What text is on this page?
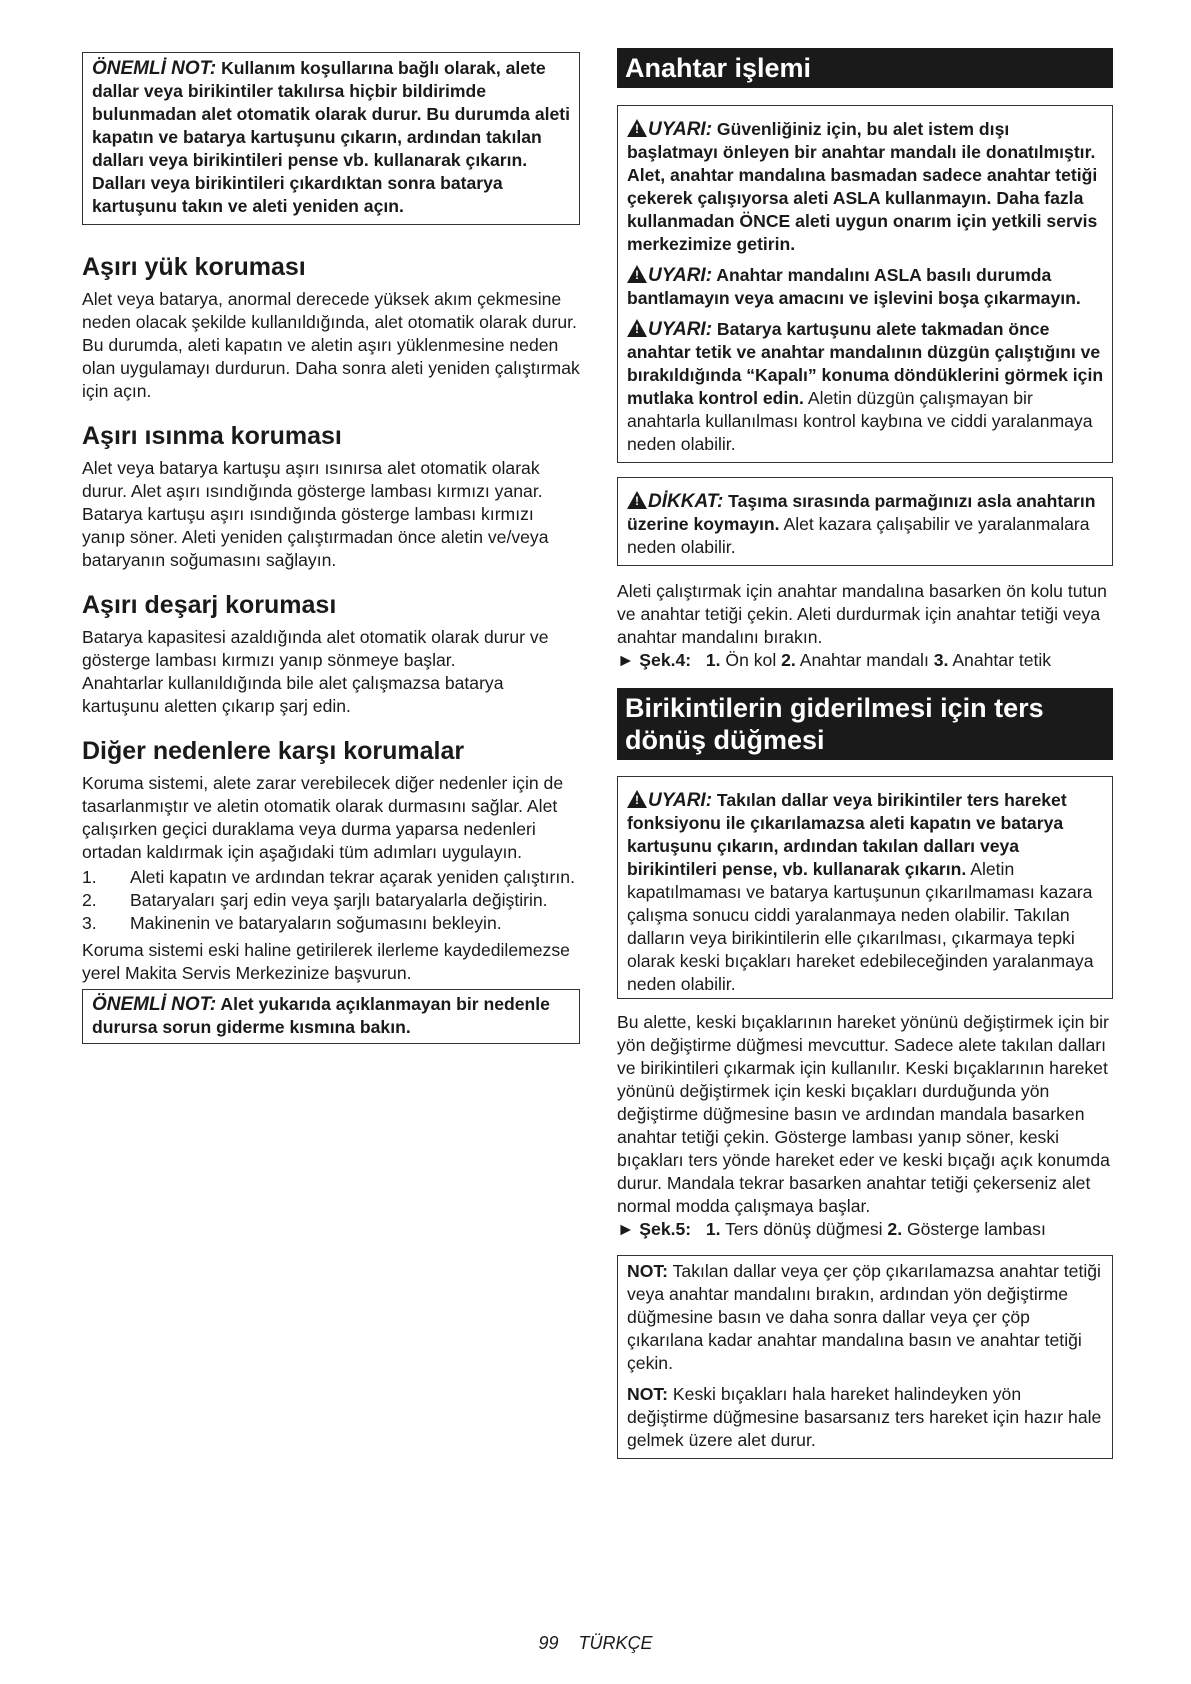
ÖNEMLİ NOT: Kullanım koşullarına bağlı olarak, alete dallar veya birikintiler takılırsa hiçbir bildirimde bulunmadan alet otomatik olarak durur. Bu durumda aleti kapatın ve batarya kartuşunu çıkarın, ardından takılan dalları veya birikintileri pense vb. kullanarak çıkarın. Dalları veya birikintileri çıkardıktan sonra batarya kartuşunu takın ve aleti yeniden açın.

Aşırı yük koruması

Alet veya batarya, anormal derecede yüksek akım çekmesine neden olacak şekilde kullanıldığında, alet otomatik olarak durur. Bu durumda, aleti kapatın ve aletin aşırı yüklenmesine neden olan uygulamayı durdurun. Daha sonra aleti yeniden çalıştırmak için açın.

Aşırı ısınma koruması

Alet veya batarya kartuşu aşırı ısınırsa alet otomatik olarak durur. Alet aşırı ısındığında gösterge lambası kırmızı yanar. Batarya kartuşu aşırı ısındığında gösterge lambası kırmızı yanıp söner. Aleti yeniden çalıştırmadan önce aletin ve/veya bataryanın soğumasını sağlayın.

Aşırı deşarj koruması

Batarya kapasitesi azaldığında alet otomatik olarak durur ve gösterge lambası kırmızı yanıp sönmeye başlar.

Anahtarlar kullanıldığında bile alet çalışmazsa batarya kartuşunu aletten çıkarıp şarj edin.

Diğer nedenlere karşı korumalar

Koruma sistemi, alete zarar verebilecek diğer nedenler için de tasarlanmıştır ve aletin otomatik olarak durmasını sağlar. Alet çalışırken geçici duraklama veya durma yaparsa nedenleri ortadan kaldırmak için aşağıdaki tüm adımları uygulayın.

1.	Aleti kapatın ve ardından tekrar açarak yeniden çalıştırın.
2.	Bataryaları şarj edin veya şarjlı bataryalarla değiştirin.
3.	Makinenin ve bataryaların soğumasını bekleyin.

Koruma sistemi eski haline getirilerek ilerleme kaydedilemezse yerel Makita Servis Merkezinize başvurun.

ÖNEMLİ NOT: Alet yukarıda açıklanmayan bir nedenle durursa sorun giderme kısmına bakın.

Anahtar işlemi

!UYARI: Güvenliğiniz için, bu alet istem dışı başlatmayı önleyen bir anahtar mandalı ile donatılmıştır. Alet, anahtar mandalına basmadan sadece anahtar tetiği çekerek çalışıyorsa aleti ASLA kullanmayın. Daha fazla kullanmadan ÖNCE aleti uygun onarım için yetkili servis merkezimize getirin.

!UYARI: Anahtar mandalını ASLA basılı durumda bantlamayın veya amacını ve işlevini boşa çıkarmayın.

!UYARI: Batarya kartuşunu alete takmadan önce anahtar tetik ve anahtar mandalının düzgün çalıştığını ve bırakıldığında “Kapalı” konuma döndüklerini görmek için mutlaka kontrol edin. Aletin düzgün çalışmayan bir anahtarla kullanılması kontrol kaybına ve ciddi yaralanmaya neden olabilir.

!DİKKAT: Taşıma sırasında parmağınızı asla anahtarın üzerine koymayın. Alet kazara çalışabilir ve yaralanmalara neden olabilir.

Aleti çalıştırmak için anahtar mandalına basarken ön kolu tutun ve anahtar tetiği çekin. Aleti durdurmak için anahtar tetiği veya anahtar mandalını bırakın.

► Şek.4: 1. Ön kol 2. Anahtar mandalı 3. Anahtar tetik

Birikintilerin giderilmesi için ters dönüş düğmesi

!UYARI: Takılan dallar veya birikintiler ters hareket fonksiyonu ile çıkarılamazsa aleti kapatın ve batarya kartuşunu çıkarın, ardından takılan dalları veya birikintileri pense, vb. kullanarak çıkarın. Aletin kapatılmaması ve batarya kartuşunun çıkarılmaması kazara çalışma sonucu ciddi yaralanmaya neden olabilir. Takılan dalların veya birikintilerin elle çıkarılması, çıkarmaya tepki olarak keski bıçakları hareket edebileceğinden yaralanmaya neden olabilir.

Bu alette, keski bıçaklarının hareket yönünü değiştirmek için bir yön değiştirme düğmesi mevcuttur. Sadece alete takılan dalları ve birikintileri çıkarmak için kullanılır. Keski bıçaklarının hareket yönünü değiştirmek için keski bıçakları durduğunda yön değiştirme düğmesine basın ve ardından mandala basarken anahtar tetiği çekin. Gösterge lambası yanıp söner, keski bıçakları ters yönde hareket eder ve keski bıçağı açık konumda durur. Mandala tekrar basarken anahtar tetiği çekerseniz alet normal modda çalışmaya başlar.

► Şek.5: 1. Ters dönüş düğmesi 2. Gösterge lambası

NOT: Takılan dallar veya çer çöp çıkarılamazsa anahtar tetiği veya anahtar mandalını bırakın, ardından yön değiştirme düğmesine basın ve daha sonra dallar veya çer çöp çıkarılana kadar anahtar mandalına basın ve anahtar tetiği çekin.

NOT: Keski bıçakları hala hareket halindeyken yön değiştirme düğmesine basarsanız ters hareket için hazır hale gelmek üzere alet durur.

99 TÜRKÇE
